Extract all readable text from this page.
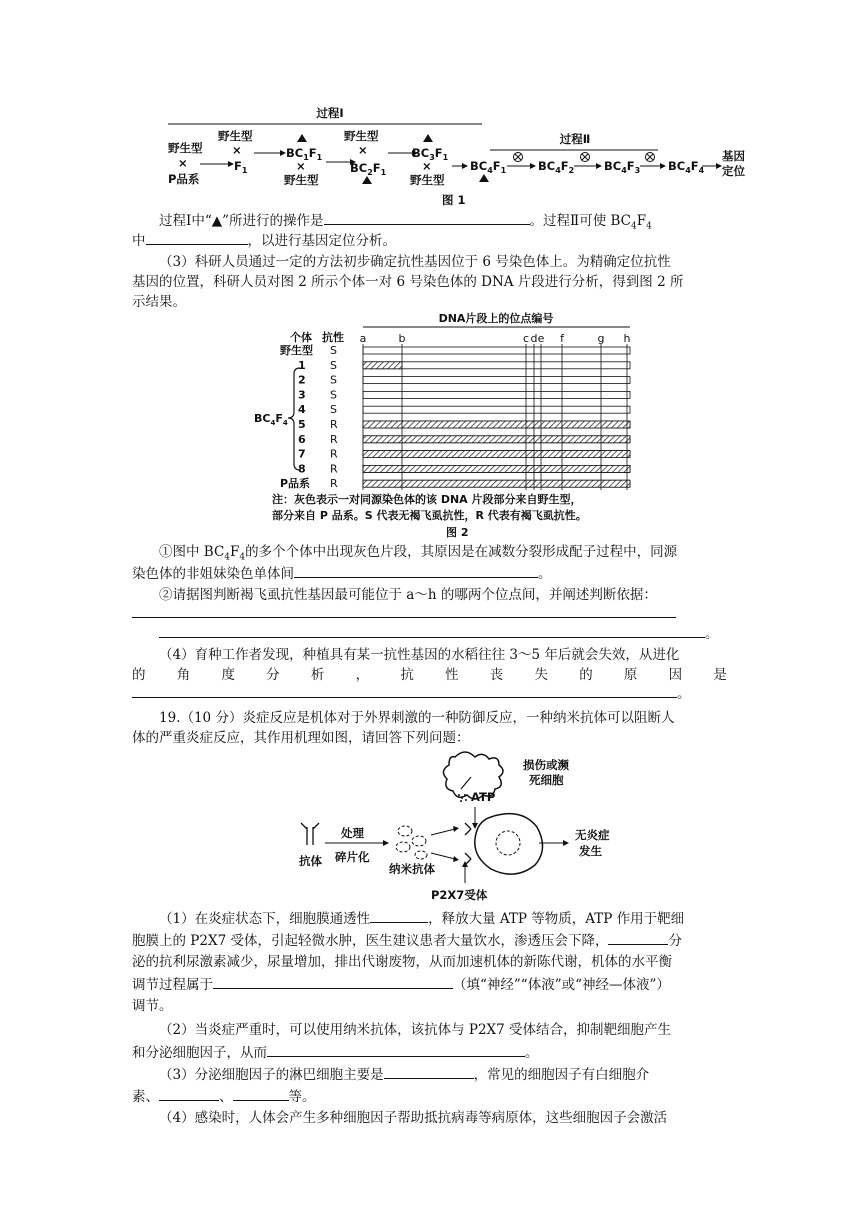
过程Ⅰ
过程Ⅱ
野生型
×
P品系
野生型
×
$F_1$
$BC_1F_1$
×
野生型
野生型
×
$BC_2F_1$
$BC_3F_1$
×
野生型
$BC_4F_1$	$BC_4F_2$	$BC_4F_3$ $BC_4F_4$
基因
定位
图 1
过程Ⅰ中“▲”所进行的操作是	。过程Ⅱ可使 $BC_4F_4$
中	，以进行基因定位分析。
（3）科研人员通过一定的方法初步确定抗性基因位于 6 号染色体上。为精确定位抗性
基因的位置，科研人员对图 2 所示个体一对 6 号染色体的 DNA 片段进行分析，得到图 2 所
示结果。
DNA片段上的位点编号
个体 抗性 a	b	c d e f	g h
野生型 S
1 S
2 S
3 S
4 S
5 R
6 R
7 R
8 R
P品系 R
$BC_4F_4$
注：灰色表示一对同源染色体的该 DNA 片段部分来自野生型，
部分来自 P 品系。S 代表无褐飞虱抗性，R 代表有褐飞虱抗性。
图 2
①图中 $BC_4F_4$的多个个体中出现灰色片段，其原因是在减数分裂形成配子过程中，同源
染色体的非姐妹染色单体间	。
②请据图判断褐飞虱抗性基因最可能位于 a～h 的哪两个位点间，并阐述判断依据：
。
（4）育种工作者发现，种植具有某一抗性基因的水稻往往 3～5 年后就会失效，从进化
的 角 度 分 析 ， 抗 性 丧 失 的 原 因 是
。
19.（10 分）炎症反应是机体对于外界刺激的一种防御反应，一种纳米抗体可以阻断人
体的严重炎症反应，其作用机理如图，请回答下列问题：
损伤或濒
死细胞
ATP
抗体
处理
碎片化
纳米抗体
P2X7受体
无炎症
发生
（1）在炎症状态下，细胞膜通透性	，释放大量 ATP 等物质，ATP 作用于靶细
胞膜上的 P2X7 受体，引起轻微水肿，医生建议患者大量饮水，渗透压会下降，	分
泌的抗利尿激素减少，尿量增加，排出代谢废物，从而加速机体的新陈代谢，机体的水平衡
调节过程属于	（填“神经”“体液”或“神经—体液”）
调节。
（2）当炎症严重时，可以使用纳米抗体，该抗体与 P2X7 受体结合，抑制靶细胞产生
和分泌细胞因子，从而	。
（3）分泌细胞因子的淋巴细胞主要是	，常见的细胞因子有白细胞介
素、	、	等。
（4）感染时，人体会产生多种细胞因子帮助抵抗病毒等病原体，这些细胞因子会激活
